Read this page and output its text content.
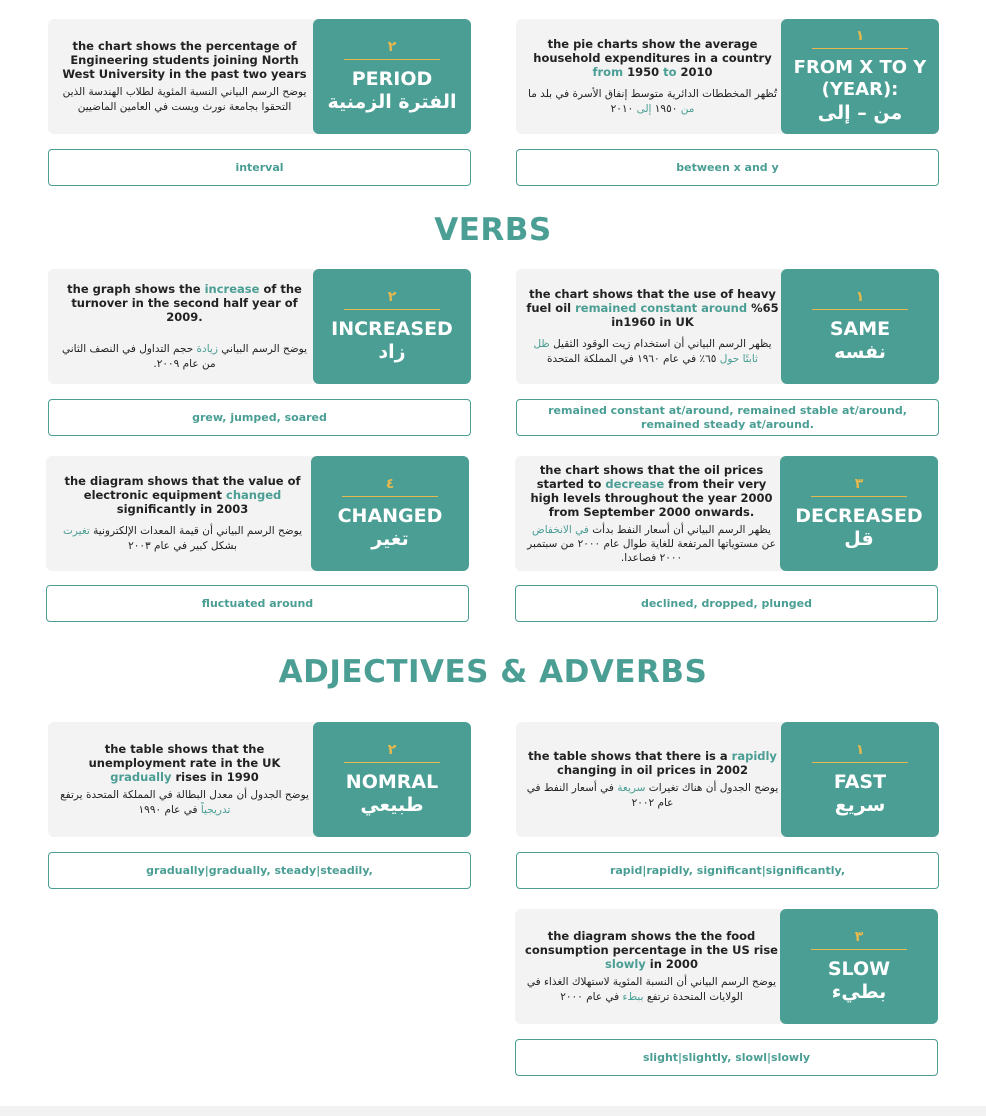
the pie charts show the average household expenditures in a country from 1950 to 2010
تُظهر المخططات الدائرية متوسط إنفاق الأسرة في بلد ما من ١٩٥٠ إلى ٢٠١٠
١
FROM X TO Y (YEAR):
من – إلى
between x and y
the chart shows the percentage of Engineering students joining North West University in the past two years
يوضح الرسم البياني النسبة المئوية لطلاب الهندسة الذين التحقوا بجامعة نورث ويست في العامين الماضيين
٢
PERIOD
الفترة الزمنية
interval
VERBS
the chart shows that the use of heavy fuel oil remained constant around %65 in1960 in UK
يظهر الرسم البياني أن استخدام زيت الوقود الثقيل ظل ثابتًا حول ٦٥٪ في عام ١٩٦٠ في المملكة المتحدة
١
SAME
نفسه
remained constant at/around, remained stable at/around, remained steady at/around.
the graph shows the increase of the turnover in the second half year of 2009.
يوضح الرسم البياني زيادة حجم التداول في النصف الثاني من عام ٢٠٠٩.
٢
INCREASED
زاد
grew, jumped, soared
the chart shows that the oil prices started to decrease from their very high levels throughout the year 2000 from September 2000 onwards.
يظهر الرسم البياني أن أسعار النفط بدأت في الانخفاض عن مستوياتها المرتفعة للغاية طوال عام ٢٠٠٠ من سبتمبر ٢٠٠٠ فصاعدا.
٣
DECREASED
قل
declined, dropped, plunged
the diagram shows that the value of electronic equipment changed significantly in 2003
يوضح الرسم البياني أن قيمة المعدات الإلكترونية تغيرت بشكل كبير في عام ٢٠٠٣
٤
CHANGED
تغير
fluctuated around
ADJECTIVES & ADVERBS
the table shows that there is a rapidly changing in oil prices in 2002
يوضح الجدول أن هناك تغيرات سريعة في أسعار النفط في عام ٢٠٠٢
١
FAST
سريع
rapid|rapidly, significant|significantly,
the table shows that the unemployment rate in the UK gradually rises in 1990
يوضح الجدول أن معدل البطالة في المملكة المتحدة يرتفع تدريجياً في عام ١٩٩٠
٢
NOMRAL
طبيعي
gradually|gradually, steady|steadily,
the diagram shows the the food consumption percentage in the US rise slowly in 2000
يوضح الرسم البياني أن النسبة المئوية لاستهلاك الغذاء في الولايات المتحدة ترتفع ببطء في عام ٢٠٠٠
٣
SLOW
بطيء
slight|slightly, slowl|slowly
